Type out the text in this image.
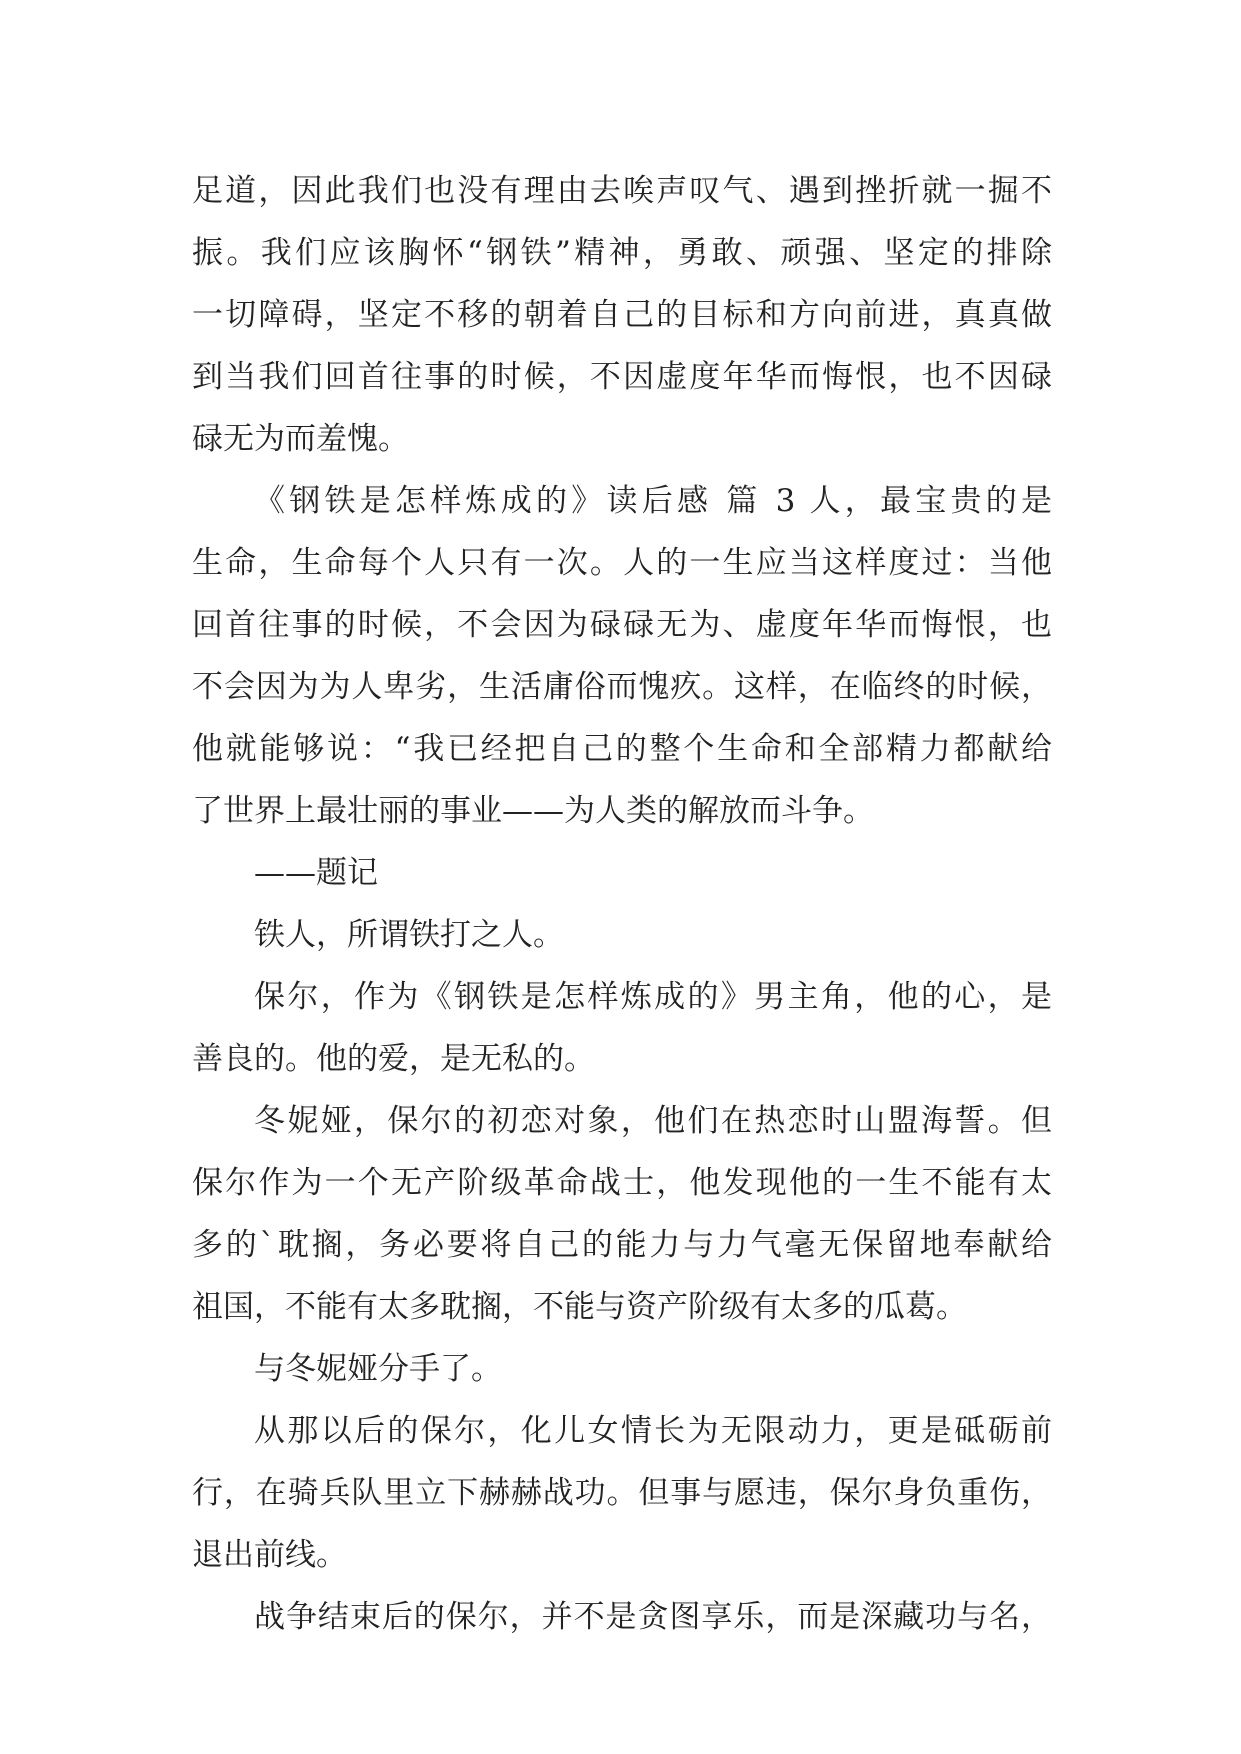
足道，因此我们也没有理由去唉声叹气、遇到挫折就一掘不
振。我们应该胸怀“钢铁”精神，勇敢、顽强、坚定的排除
一切障碍，坚定不移的朝着自己的目标和方向前进，真真做
到当我们回首往事的时候，不因虚度年华而悔恨，也不因碌
碌无为而羞愧。
《钢铁是怎样炼成的》读后感 篇 3 人，最宝贵的是
生命，生命每个人只有一次。人的一生应当这样度过：当他
回首往事的时候，不会因为碌碌无为、虚度年华而悔恨，也
不会因为为人卑劣，生活庸俗而愧疚。这样，在临终的时候，
他就能够说：“我已经把自己的整个生命和全部精力都献给
了世界上最壮丽的事业——为人类的解放而斗争。
——题记
铁人，所谓铁打之人。
保尔，作为《钢铁是怎样炼成的》男主角，他的心，是
善良的。他的爱，是无私的。
冬妮娅，保尔的初恋对象，他们在热恋时山盟海誓。但
保尔作为一个无产阶级革命战士，他发现他的一生不能有太
多的`耽搁，务必要将自己的能力与力气毫无保留地奉献给
祖国，不能有太多耽搁，不能与资产阶级有太多的瓜葛。
与冬妮娅分手了。
从那以后的保尔，化儿女情长为无限动力，更是砥砺前
行，在骑兵队里立下赫赫战功。但事与愿违，保尔身负重伤，
退出前线。
战争结束后的保尔，并不是贪图享乐，而是深藏功与名，
